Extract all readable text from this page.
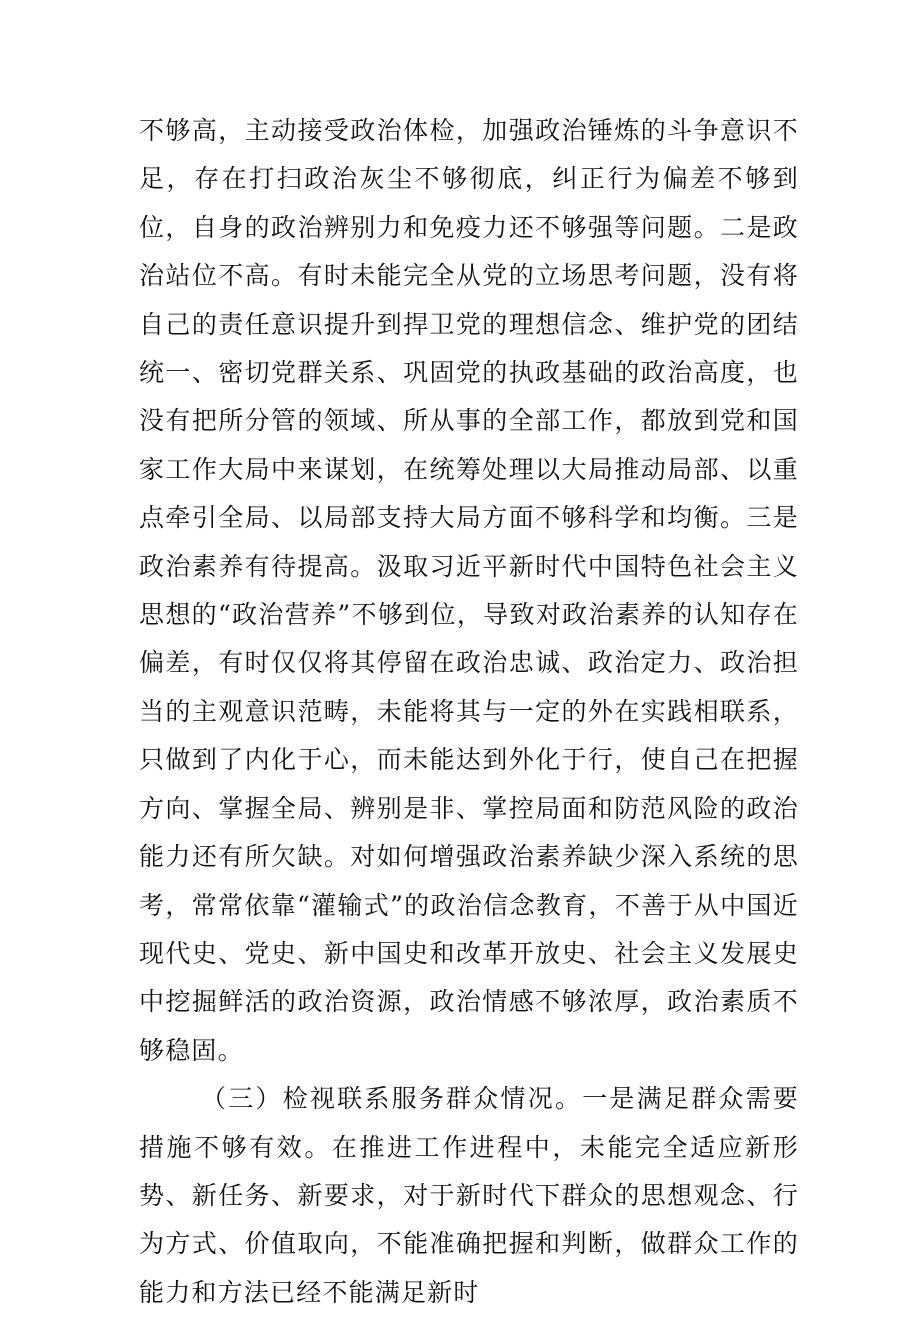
不够高，主动接受政治体检，加强政治锤炼的斗争意识不足，存在打扫政治灰尘不够彻底，纠正行为偏差不够到位，自身的政治辨别力和免疫力还不够强等问题。二是政治站位不高。有时未能完全从党的立场思考问题，没有将自己的责任意识提升到捍卫党的理想信念、维护党的团结统一、密切党群关系、巩固党的执政基础的政治高度，也没有把所分管的领域、所从事的全部工作，都放到党和国家工作大局中来谋划，在统筹处理以大局推动局部、以重点牵引全局、以局部支持大局方面不够科学和均衡。三是政治素养有待提高。汲取习近平新时代中国特色社会主义思想的“政治营养”不够到位，导致对政治素养的认知存在偏差，有时仅仅将其停留在政治忠诚、政治定力、政治担当的主观意识范畴，未能将其与一定的外在实践相联系，只做到了内化于心，而未能达到外化于行，使自己在把握方向、掌握全局、辨别是非、掌控局面和防范风险的政治能力还有所欠缺。对如何增强政治素养缺少深入系统的思考，常常依靠“灌输式”的政治信念教育，不善于从中国近现代史、党史、新中国史和改革开放史、社会主义发展史中挖掘鲜活的政治资源，政治情感不够浓厚，政治素质不够稳固。

（三）检视联系服务群众情况。一是满足群众需要措施不够有效。在推进工作进程中，未能完全适应新形势、新任务、新要求，对于新时代下群众的思想观念、行为方式、价值取向，不能准确把握和判断，做群众工作的能力和方法已经不能满足新时
